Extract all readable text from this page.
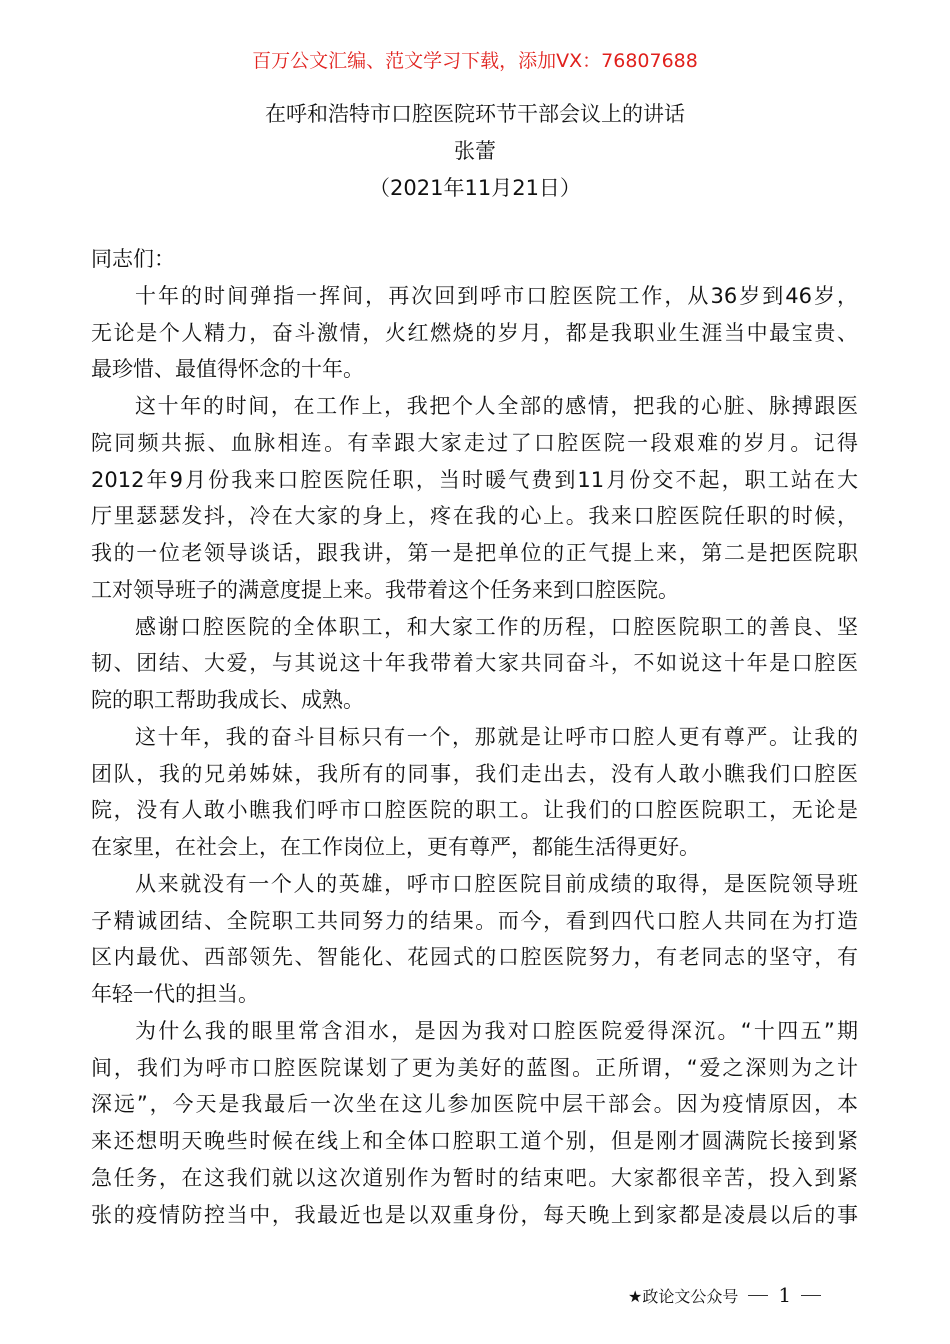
百万公文汇编、范文学习下载，添加VX：76807688
在呼和浩特市口腔医院环节干部会议上的讲话
张蕾
（2021年11月21日）
同志们：
十年的时间弹指一挥间，再次回到呼市口腔医院工作，从36岁到46岁，
无论是个人精力，奋斗激情，火红燃烧的岁月，都是我职业生涯当中最宝贵、
最珍惜、最值得怀念的十年。
这十年的时间，在工作上，我把个人全部的感情，把我的心脏、脉搏跟医
院同频共振、血脉相连。有幸跟大家走过了口腔医院一段艰难的岁月。记得
2012年9月份我来口腔医院任职，当时暖气费到11月份交不起，职工站在大
厅里瑟瑟发抖，冷在大家的身上，疼在我的心上。我来口腔医院任职的时候，
我的一位老领导谈话，跟我讲，第一是把单位的正气提上来，第二是把医院职
工对领导班子的满意度提上来。我带着这个任务来到口腔医院。
感谢口腔医院的全体职工，和大家工作的历程，口腔医院职工的善良、坚
韧、团结、大爱，与其说这十年我带着大家共同奋斗，不如说这十年是口腔医
院的职工帮助我成长、成熟。
这十年，我的奋斗目标只有一个，那就是让呼市口腔人更有尊严。让我的
团队，我的兄弟姊妹，我所有的同事，我们走出去，没有人敢小瞧我们口腔医
院，没有人敢小瞧我们呼市口腔医院的职工。让我们的口腔医院职工，无论是
在家里，在社会上，在工作岗位上，更有尊严，都能生活得更好。
从来就没有一个人的英雄，呼市口腔医院目前成绩的取得，是医院领导班
子精诚团结、全院职工共同努力的结果。而今，看到四代口腔人共同在为打造
区内最优、西部领先、智能化、花园式的口腔医院努力，有老同志的坚守，有
年轻一代的担当。
为什么我的眼里常含泪水，是因为我对口腔医院爱得深沉。“十四五”期
间，我们为呼市口腔医院谋划了更为美好的蓝图。正所谓，“爱之深则为之计
深远”，今天是我最后一次坐在这儿参加医院中层干部会。因为疫情原因，本
来还想明天晚些时候在线上和全体口腔职工道个别，但是刚才圆满院长接到紧
急任务，在这我们就以这次道别作为暂时的结束吧。大家都很辛苦，投入到紧
张的疫情防控当中，我最近也是以双重身份，每天晚上到家都是凌晨以后的事
★政论文公众号 1
